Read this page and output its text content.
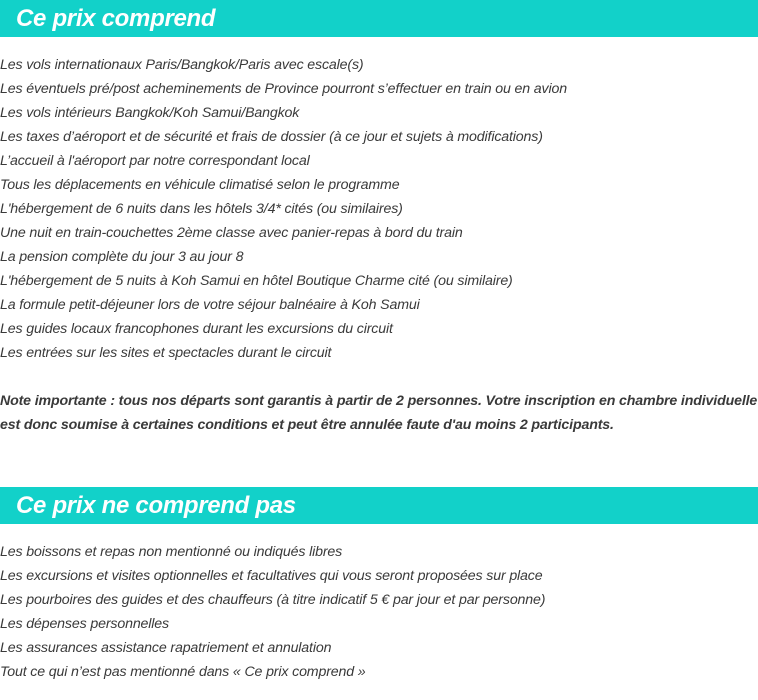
Ce prix comprend
Les vols internationaux Paris/Bangkok/Paris avec escale(s)
Les éventuels pré/post acheminements de Province pourront s’effectuer en train ou en avion
Les vols intérieurs Bangkok/Koh Samui/Bangkok
Les taxes d’aéroport et de sécurité et frais de dossier (à ce jour et sujets à modifications)
L’accueil à l'aéroport par notre correspondant local
Tous les déplacements en véhicule climatisé selon le programme
L'hébergement de 6 nuits dans les hôtels 3/4* cités (ou similaires)
Une nuit en train-couchettes 2ème classe avec panier-repas à bord du train
La pension complète du jour 3 au jour 8
L'hébergement de 5 nuits à Koh Samui en hôtel Boutique Charme cité (ou similaire)
La formule petit-déjeuner lors de votre séjour balnéaire à Koh Samui
Les guides locaux francophones durant les excursions du circuit
Les entrées sur les sites et spectacles durant le circuit

Note importante : tous nos départs sont garantis à partir de 2 personnes. Votre inscription en chambre individuelle est donc soumise à certaines conditions et peut être annulée faute d'au moins 2 participants.

Ce prix ne comprend pas
Les boissons et repas non mentionné ou indiqués libres
Les excursions et visites optionnelles et facultatives qui vous seront proposées sur place
Les pourboires des guides et des chauffeurs (à titre indicatif 5 € par jour et par personne)
Les dépenses personnelles
Les assurances assistance rapatriement et annulation
Tout ce qui n’est pas mentionné dans « Ce prix comprend »
